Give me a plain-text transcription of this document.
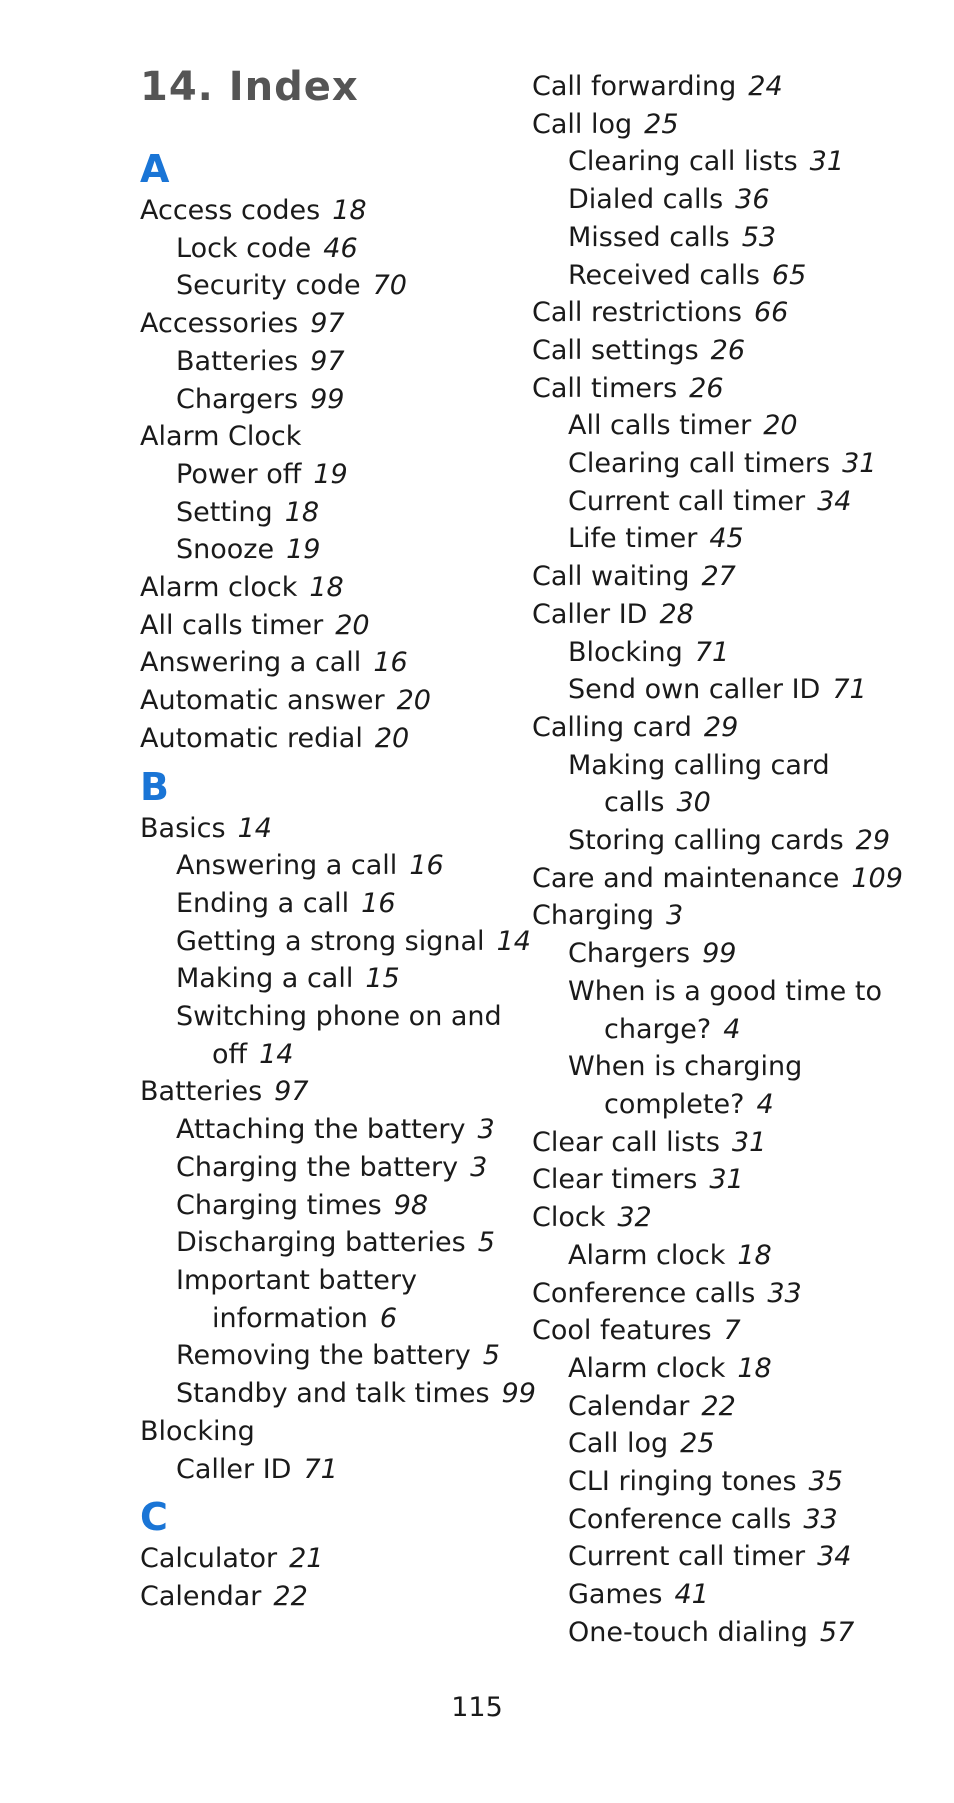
14. Index
A
Access codes 18
Lock code 46
Security code 70
Accessories 97
Batteries 97
Chargers 99
Alarm Clock
Power off 19
Setting 18
Snooze 19
Alarm clock 18
All calls timer 20
Answering a call 16
Automatic answer 20
Automatic redial 20
B
Basics 14
Answering a call 16
Ending a call 16
Getting a strong signal 14
Making a call 15
Switching phone on and
off 14
Batteries 97
Attaching the battery 3
Charging the battery 3
Charging times 98
Discharging batteries 5
Important battery
information 6
Removing the battery 5
Standby and talk times 99
Blocking
Caller ID 71
C
Calculator 21
Calendar 22
Call forwarding 24
Call log 25
Clearing call lists 31
Dialed calls 36
Missed calls 53
Received calls 65
Call restrictions 66
Call settings 26
Call timers 26
All calls timer 20
Clearing call timers 31
Current call timer 34
Life timer 45
Call waiting 27
Caller ID 28
Blocking 71
Send own caller ID 71
Calling card 29
Making calling card
calls 30
Storing calling cards 29
Care and maintenance 109
Charging 3
Chargers 99
When is a good time to
charge? 4
When is charging
complete? 4
Clear call lists 31
Clear timers 31
Clock 32
Alarm clock 18
Conference calls 33
Cool features 7
Alarm clock 18
Calendar 22
Call log 25
CLI ringing tones 35
Conference calls 33
Current call timer 34
Games 41
One-touch dialing 57
115
